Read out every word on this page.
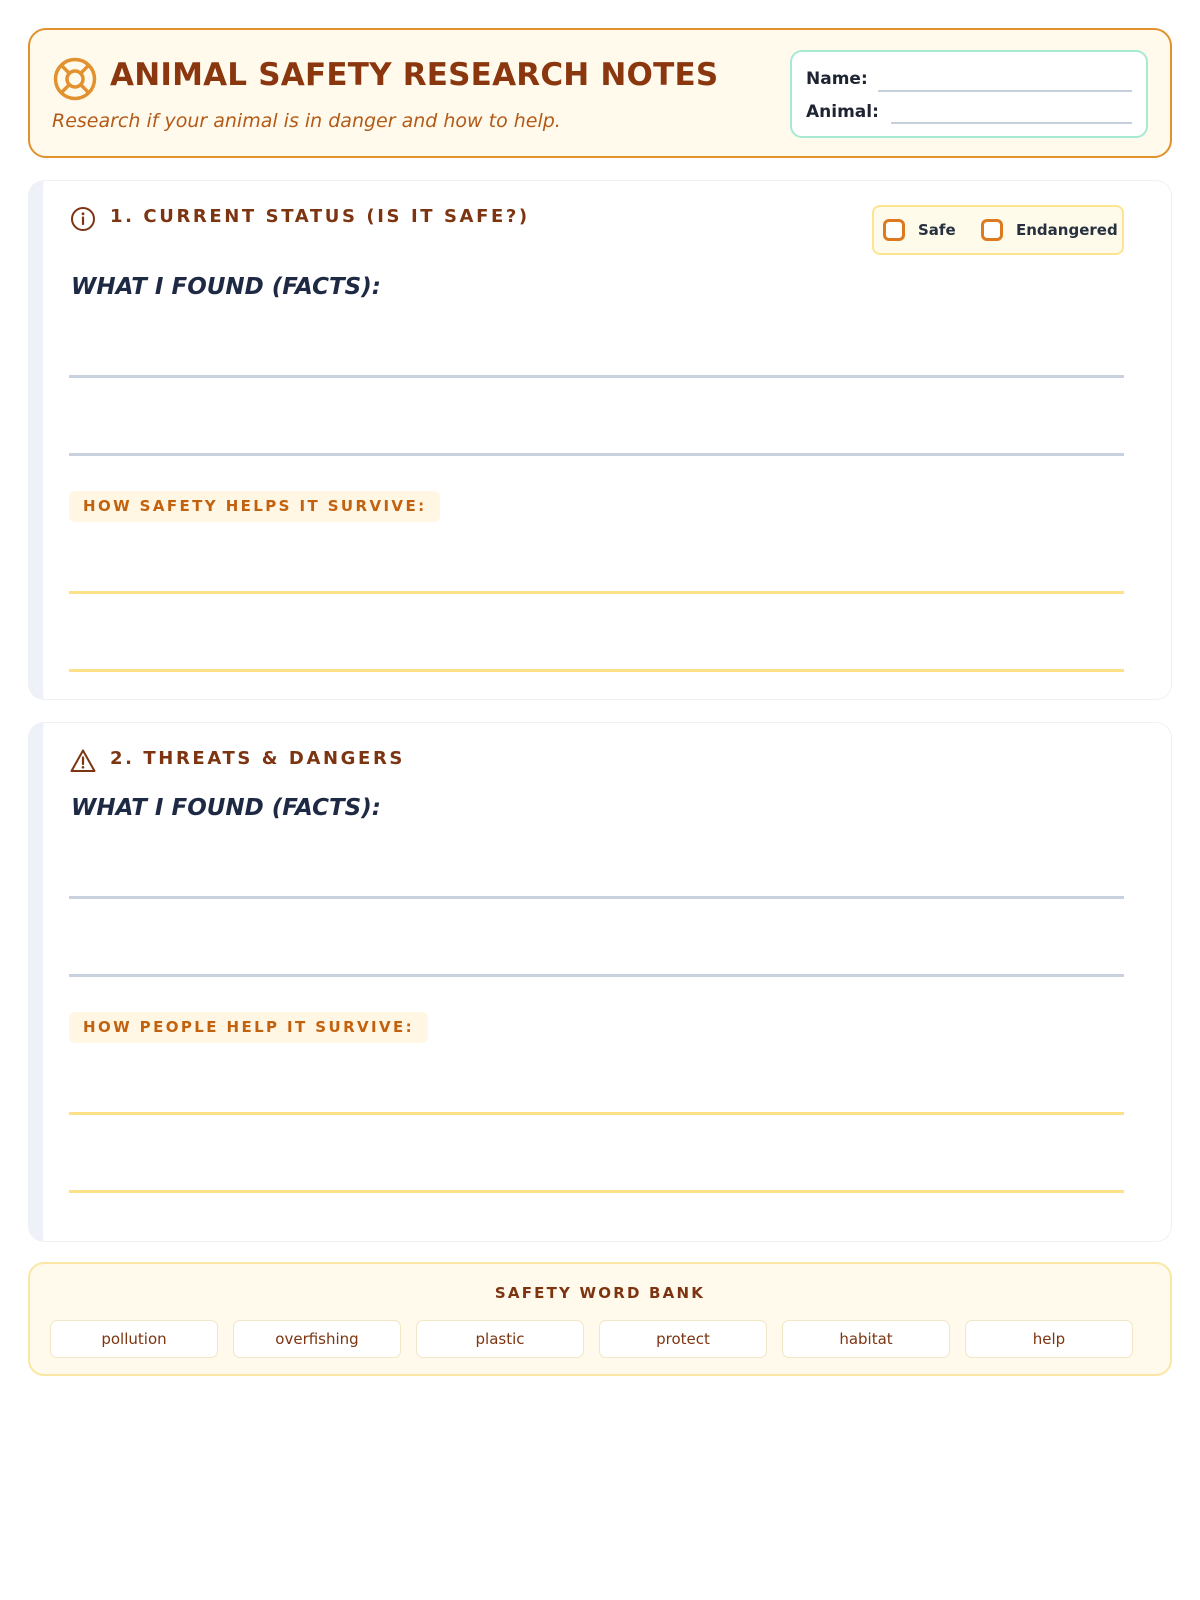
ANIMAL SAFETY RESEARCH NOTES
Research if your animal is in danger and how to help.
Name:
Animal:
1. CURRENT STATUS (IS IT SAFE?)
Safe	Endangered
WHAT I FOUND (FACTS):
HOW SAFETY HELPS IT SURVIVE:
2. THREATS & DANGERS
WHAT I FOUND (FACTS):
HOW PEOPLE HELP IT SURVIVE:
SAFETY WORD BANK
pollution	overfishing	plastic	protect	habitat	help
